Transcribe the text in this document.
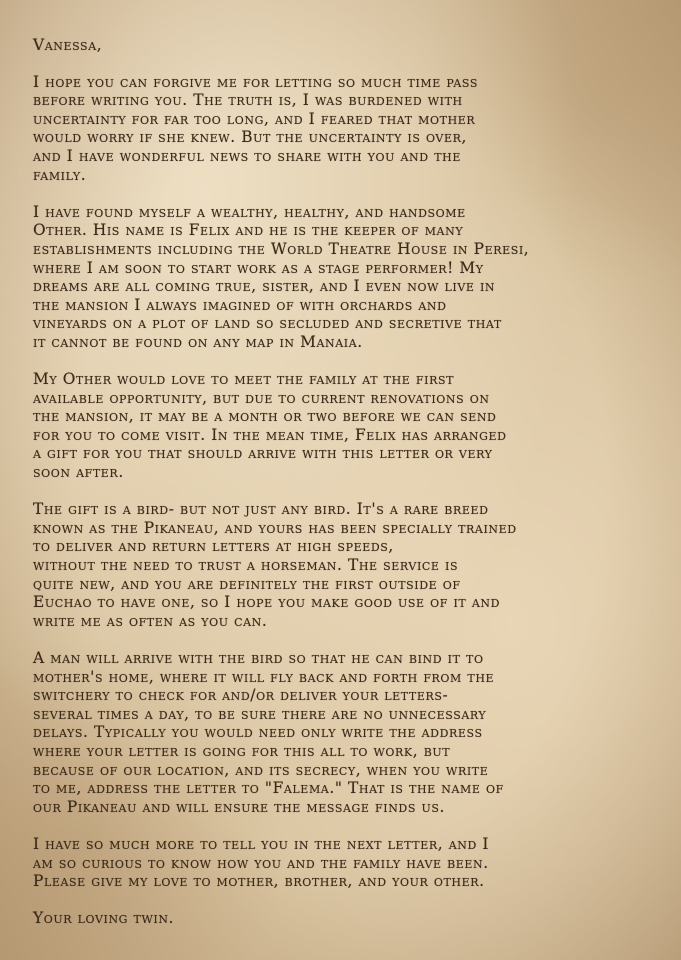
Vanessa,
I hope you can forgive me for letting so much time pass
before writing you. The truth is, I was burdened with
uncertainty for far too long, and I feared that mother
would worry if she knew. But the uncertainty is over,
and I have wonderful news to share with you and the
family.
I have found myself a wealthy, healthy, and handsome
Other. His name is Felix and he is the keeper of many
establishments including the World Theatre House in Peresi,
where I am soon to start work as a stage performer! My
dreams are all coming true, sister, and I even now live in
the mansion I always imagined of with orchards and
vineyards on a plot of land so secluded and secretive that
it cannot be found on any map in Manaia.
My Other would love to meet the family at the first
available opportunity, but due to current renovations on
the mansion, it may be a month or two before we can send
for you to come visit. In the mean time, Felix has arranged
a gift for you that should arrive with this letter or very
soon after.
The gift is a bird- but not just any bird. It's a rare breed
known as the Pikaneau, and yours has been specially trained
to deliver and return letters at high speeds,
without the need to trust a horseman. The service is
quite new, and you are definitely the first outside of
Euchao to have one, so I hope you make good use of it and
write me as often as you can.
A man will arrive with the bird so that he can bind it to
mother's home, where it will fly back and forth from the
switchery to check for and/or deliver your letters-
several times a day, to be sure there are no unnecessary
delays. Typically you would need only write the address
where your letter is going for this all to work, but
because of our location, and its secrecy, when you write
to me, address the letter to "Falema." That is the name of
our Pikaneau and will ensure the message finds us.
I have so much more to tell you in the next letter, and I
am so curious to know how you and the family have been.
Please give my love to mother, brother, and your other.
Your loving twin.
